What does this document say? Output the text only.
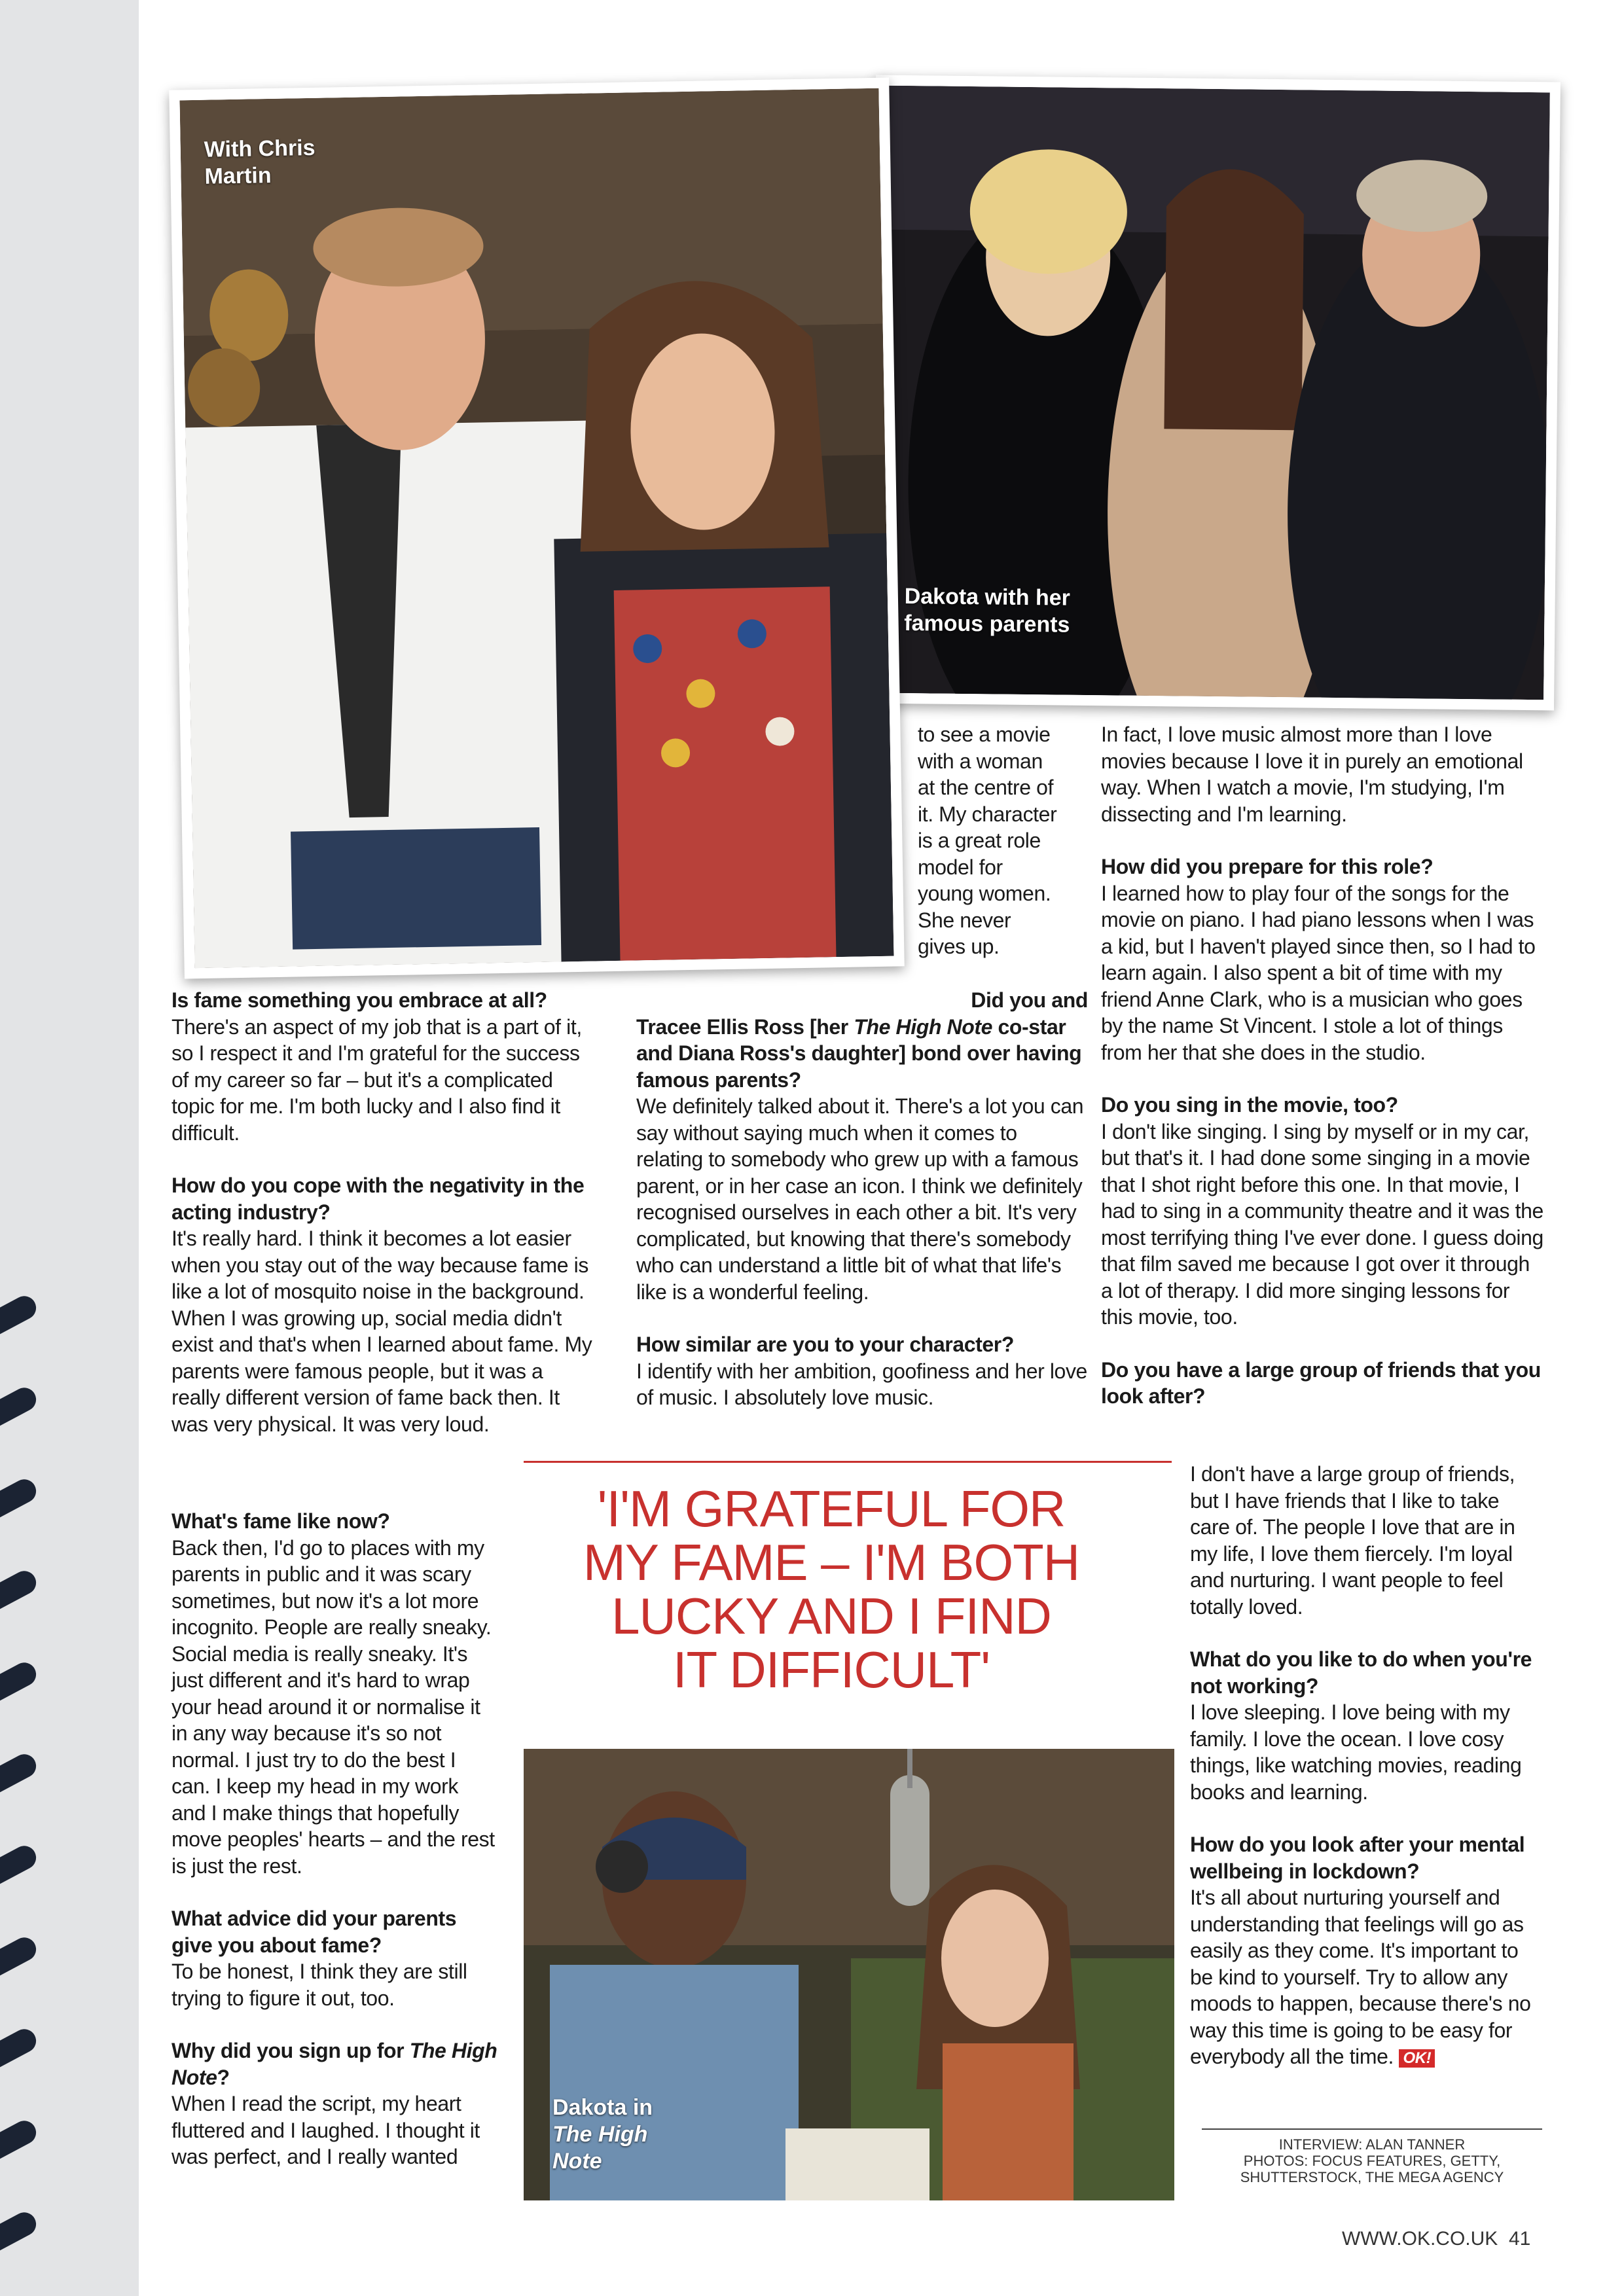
Dakota with her famous parents
With Chris Martin

to see a movie

with a woman

at the centre of

it. My character

is a great role

model for

young women.

She never

gives up.

Is fame something you embrace at all?

There's an aspect of my job that is a part of it, so I respect it and I'm grateful for the success of my career so far – but it's a complicated topic for me. I'm both lucky and I also find it difficult.

How do you cope with the negativity in the acting industry?

It's really hard. I think it becomes a lot easier when you stay out of the way because fame is like a lot of mosquito noise in the background. When I was growing up, social media didn't exist and that's when I learned about fame. My parents were famous people, but it was a really different version of fame back then. It was very physical. It was very loud.

What's fame like now?

Back then, I'd go to places with my parents in public and it was scary sometimes, but now it's a lot more incognito. People are really sneaky. Social media is really sneaky. It's just different and it's hard to wrap your head around it or normalise it in any way because it's so not normal. I just try to do the best I can. I keep my head in my work and I make things that hopefully move peoples' hearts – and the rest is just the rest.

What advice did your parents give you about fame?

To be honest, I think they are still trying to figure it out, too.

Why did you sign up for The High Note?

When I read the script, my heart fluttered and I laughed. I thought it was perfect, and I really wanted

Did you and

Tracee Ellis Ross [her The High Note co-star and Diana Ross's daughter] bond over having famous parents?

We definitely talked about it. There's a lot you can say without saying much when it comes to relating to somebody who grew up with a famous parent, or in her case an icon. I think we definitely recognised ourselves in each other a bit. It's very complicated, but knowing that there's somebody who can understand a little bit of what that life's like is a wonderful feeling.

How similar are you to your character?

I identify with her ambition, goofiness and her love of music. I absolutely love music.

'I'M GRATEFUL FOR
MY FAME – I'M BOTH
LUCKY AND I FIND
IT DIFFICULT'
Dakota in
The High Note

In fact, I love music almost more than I love movies because I love it in purely an emotional way. When I watch a movie, I'm studying, I'm dissecting and I'm learning.

How did you prepare for this role?

I learned how to play four of the songs for the movie on piano. I had piano lessons when I was a kid, but I haven't played since then, so I had to learn again. I also spent a bit of time with my friend Anne Clark, who is a musician who goes by the name St Vincent. I stole a lot of things from her that she does in the studio.

Do you sing in the movie, too?

I don't like singing. I sing by myself or in my car, but that's it. I had done some singing in a movie that I shot right before this one. In that movie, I had to sing in a community theatre and it was the most terrifying thing I've ever done. I guess doing that film saved me because I got over it through a lot of therapy. I did more singing lessons for this movie, too.

Do you have a large group of friends that you look after?

I don't have a large group of friends, but I have friends that I like to take care of. The people I love that are in my life, I love them fiercely. I'm loyal and nurturing. I want people to feel totally loved.

What do you like to do when you're not working?

I love sleeping. I love being with my family. I love the ocean. I love cosy things, like watching movies, reading books and learning.

How do you look after your mental wellbeing in lockdown?

It's all about nurturing yourself and understanding that feelings will go as easily as they come. It's important to be kind to yourself. Try to allow any moods to happen, because there's no way this time is going to be easy for everybody all the time. OK!

INTERVIEW: ALAN TANNER
PHOTOS: FOCUS FEATURES, GETTY,
SHUTTERSTOCK, THE MEGA AGENCY
WWW.OK.CO.UK 41
